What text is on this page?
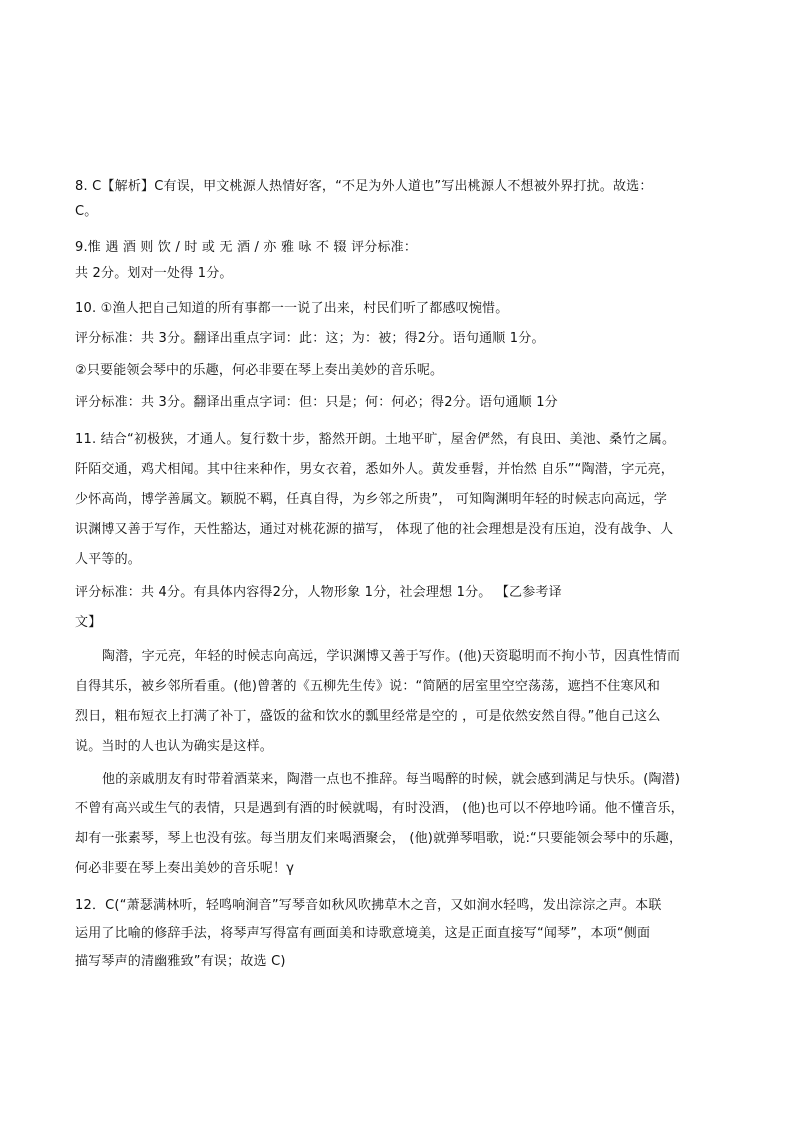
8. C【解析】C有误，甲文桃源人热情好客，“不足为外人道也”写出桃源人不想被外界打扰。故选：
C。
9.惟 遇 酒 则 饮 / 时 或 无 酒 / 亦 雅 咏 不 辍 评分标准：
共 2分。划对一处得 1分。
10. ①渔人把自己知道的所有事都一一说了出来，村民们听了都感叹惋惜。
评分标准：共 3分。翻译出重点字词：此：这；为：被；得2分。语句通顺 1分。
②只要能领会琴中的乐趣，何必非要在琴上奏出美妙的音乐呢。
评分标准：共 3分。翻译出重点字词：但：只是；何：何必；得2分。语句通顺 1分
11. 结合“初极狭，才通人。复行数十步，豁然开朗。土地平旷，屋舍俨然，有良田、美池、桑竹之属。
阡陌交通，鸡犬相闻。其中往来种作，男女衣着，悉如外人。黄发垂髫，并怡然 自乐”“陶潜，字元亮，
少怀高尚，博学善属文。颖脱不羁，任真自得，为乡邻之所贵”， 可知陶渊明年轻的时候志向高远，学
识渊博又善于写作，天性豁达，通过对桃花源的描写， 体现了他的社会理想是没有压迫，没有战争、人
人平等的。
评分标准：共 4分。有具体内容得2分，人物形象 1分，社会理想 1分。 【乙参考译
文】
陶潜，字元亮，年轻的时候志向高远，学识渊博又善于写作。(他)天资聪明而不拘小节，因真性情而
自得其乐，被乡邻所看重。(他)曾著的《五柳先生传》说：“简陋的居室里空空荡荡，遮挡不住寒风和
烈日，粗布短衣上打满了补丁，盛饭的盆和饮水的瓢里经常是空的 ，可是依然安然自得。”他自己这么
说。当时的人也认为确实是这样。
他的亲戚朋友有时带着酒菜来，陶潜一点也不推辞。每当喝醉的时候，就会感到满足与快乐。(陶潜)
不曾有高兴或生气的表情，只是遇到有酒的时候就喝，有时没酒， (他)也可以不停地吟诵。他不懂音乐，
却有一张素琴，琴上也没有弦。每当朋友们来喝酒聚会， (他)就弹琴唱歌，说:“只要能领会琴中的乐趣，
何必非要在琴上奏出美妙的音乐呢！γ
12．C(“萧瑟满林听，轻鸣响涧音”写琴音如秋风吹拂草木之音，又如涧水轻鸣，发出淙淙之声。本联
运用了比喻的修辞手法，将琴声写得富有画面美和诗歌意境美，这是正面直接写“闻琴”，本项“侧面
描写琴声的清幽雅致”有误；故选 C)
